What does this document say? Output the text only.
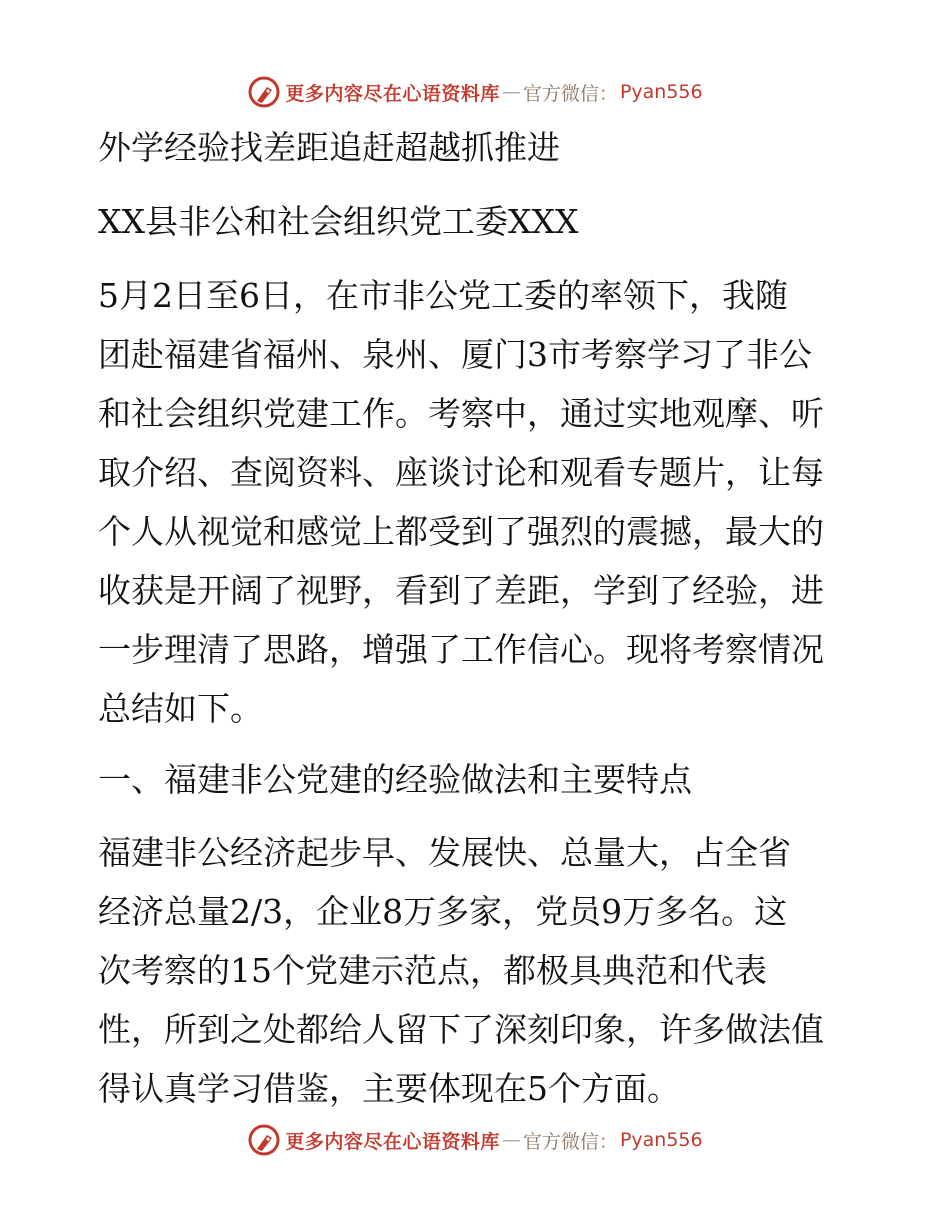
更多内容尽在心语资料库 — 官方微信： Pyan556
外学经验找差距追赶超越抓推进
XX县非公和社会组织党工委XXX
5月2日至6日，在市非公党工委的率领下，我随
团赴福建省福州、泉州、厦门3市考察学习了非公
和社会组织党建工作。考察中，通过实地观摩、听
取介绍、查阅资料、座谈讨论和观看专题片，让每
个人从视觉和感觉上都受到了强烈的震撼，最大的
收获是开阔了视野，看到了差距，学到了经验，进
一步理清了思路，增强了工作信心。现将考察情况
总结如下。
一、福建非公党建的经验做法和主要特点
福建非公经济起步早、发展快、总量大，占全省
经济总量2/3，企业8万多家，党员9万多名。这
次考察的15个党建示范点，都极具典范和代表
性，所到之处都给人留下了深刻印象，许多做法值
得认真学习借鉴，主要体现在5个方面。
更多内容尽在心语资料库 — 官方微信： Pyan556
